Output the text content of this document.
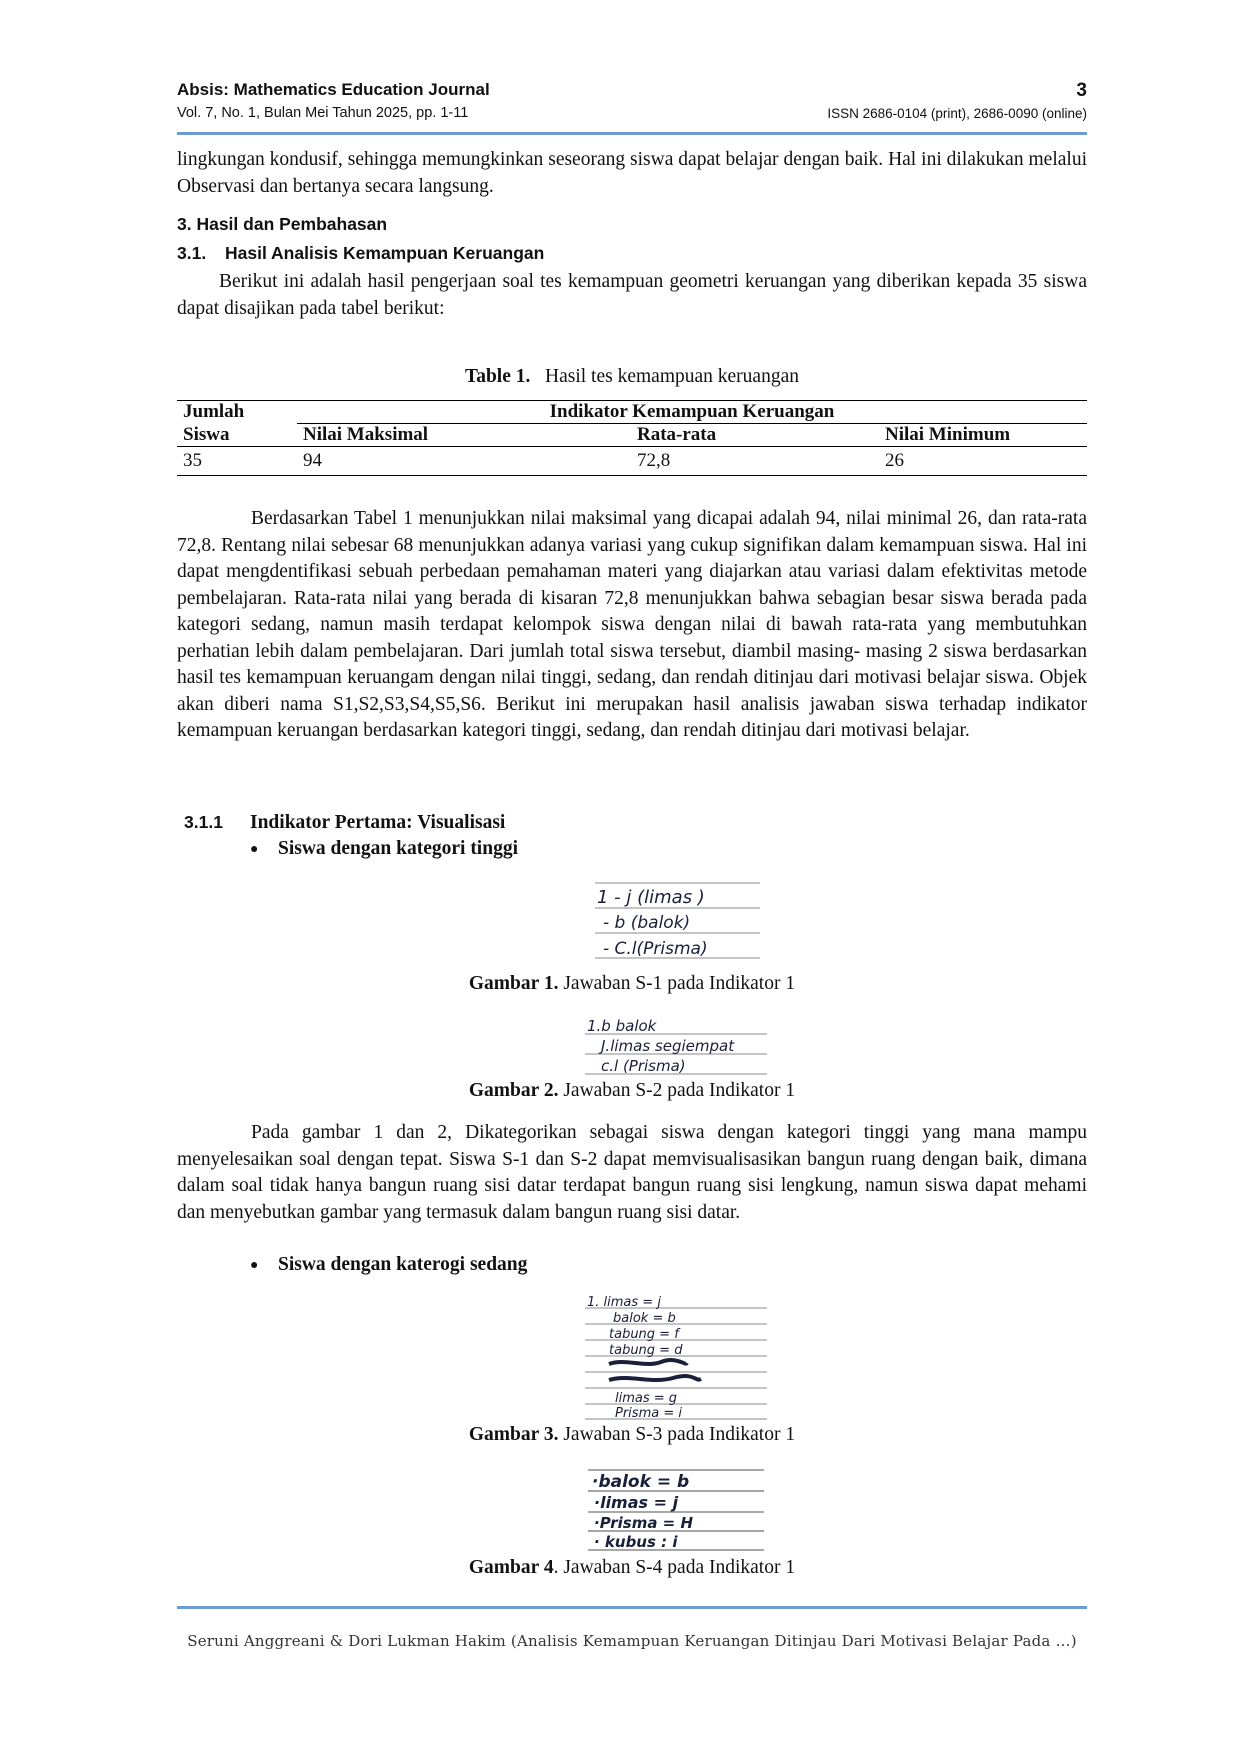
Absis: Mathematics Education Journal	3
Vol. 7, No. 1, Bulan Mei Tahun 2025, pp. 1-11	ISSN 2686-0104 (print), 2686-0090 (online)
lingkungan kondusif, sehingga memungkinkan seseorang siswa dapat belajar dengan baik. Hal ini dilakukan melalui Observasi dan bertanya secara langsung.
3. Hasil dan Pembahasan
3.1. Hasil Analisis Kemampuan Keruangan
Berikut ini adalah hasil pengerjaan soal tes kemampuan geometri keruangan yang diberikan kepada 35 siswa dapat disajikan pada tabel berikut:
Table 1. Hasil tes kemampuan keruangan
Jumlah	Indikator Kemampuan Keruangan		
Siswa	Nilai Maksimal	Rata-rata	Nilai Minimum
35	94	72,8	26
Berdasarkan Tabel 1 menunjukkan nilai maksimal yang dicapai adalah 94, nilai minimal 26, dan rata-rata 72,8. Rentang nilai sebesar 68 menunjukkan adanya variasi yang cukup signifikan dalam kemampuan siswa. Hal ini dapat mengdentifikasi sebuah perbedaan pemahaman materi yang diajarkan atau variasi dalam efektivitas metode pembelajaran. Rata-rata nilai yang berada di kisaran 72,8 menunjukkan bahwa sebagian besar siswa berada pada kategori sedang, namun masih terdapat kelompok siswa dengan nilai di bawah rata-rata yang membutuhkan perhatian lebih dalam pembelajaran. Dari jumlah total siswa tersebut, diambil masing- masing 2 siswa berdasarkan hasil tes kemampuan keruangam dengan nilai tinggi, sedang, dan rendah ditinjau dari motivasi belajar siswa. Objek akan diberi nama S1,S2,S3,S4,S5,S6. Berikut ini merupakan hasil analisis jawaban siswa terhadap indikator kemampuan keruangan berdasarkan kategori tinggi, sedang, dan rendah ditinjau dari motivasi belajar.
3.1.1 Indikator Pertama: Visualisasi
● Siswa dengan kategori tinggi
1 - j (limas )
- b (balok)
- C.l(Prisma)
Gambar 1. Jawaban S-1 pada Indikator 1
1.b balok
J.limas segiempat
c.l (Prisma)
Gambar 2. Jawaban S-2 pada Indikator 1
Pada gambar 1 dan 2, Dikategorikan sebagai siswa dengan kategori tinggi yang mana mampu menyelesaikan soal dengan tepat. Siswa S-1 dan S-2 dapat memvisualisasikan bangun ruang dengan baik, dimana dalam soal tidak hanya bangun ruang sisi datar terdapat bangun ruang sisi lengkung, namun siswa dapat mehami dan menyebutkan gambar yang termasuk dalam bangun ruang sisi datar.
● Siswa dengan katerogi sedang
1. limas = j
balok = b
tabung = f
tabung = d
limas = g
Prisma = i
Gambar 3. Jawaban S-3 pada Indikator 1
·balok = b
·limas = j
·Prisma = H
· kubus : i
Gambar 4. Jawaban S-4 pada Indikator 1
Seruni Anggreani & Dori Lukman Hakim (Analisis Kemampuan Keruangan Ditinjau Dari Motivasi Belajar Pada …)
